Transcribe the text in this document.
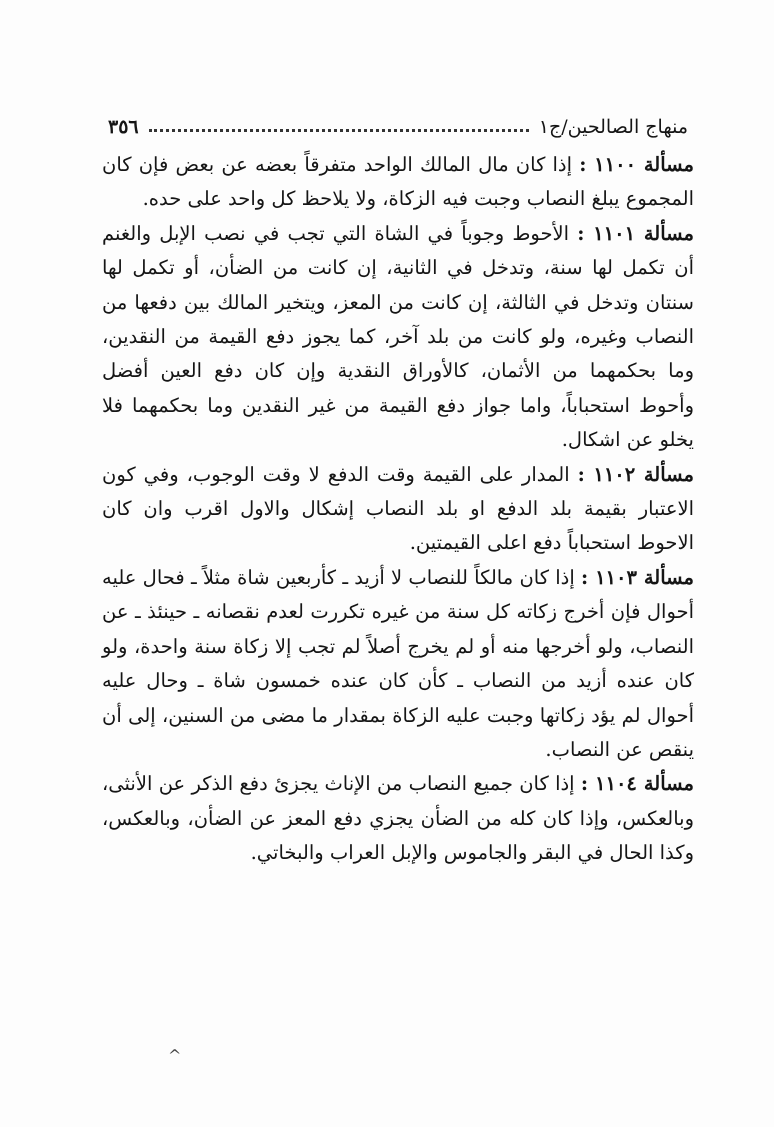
منهاج الصالحين/ج١
٣٥٦

مسألة ١١٠٠ : إذا كان مال المالك الواحد متفرقاً بعضه عن بعض فإن كان المجموع يبلغ النصاب وجبت فيه الزكاة، ولا يلاحظ كل واحد على حده.

مسألة ١١٠١ : الأحوط وجوباً في الشاة التي تجب في نصب الإبل والغنم أن تكمل لها سنة، وتدخل في الثانية، إن كانت من الضأن، أو تكمل لها سنتان وتدخل في الثالثة، إن كانت من المعز، ويتخير المالك بين دفعها من النصاب وغيره، ولو كانت من بلد آخر، كما يجوز دفع القيمة من النقدين، وما بحكمهما من الأثمان، كالأوراق النقدية وإن كان دفع العين أفضل وأحوط استحباباً، واما جواز دفع القيمة من غير النقدين وما بحكمهما فلا يخلو عن اشكال.

مسألة ١١٠٢ : المدار على القيمة وقت الدفع لا وقت الوجوب، وفي كون الاعتبار بقيمة بلد الدفع او بلد النصاب إشكال والاول اقرب وان كان الاحوط استحباباً دفع اعلى القيمتين.

مسألة ١١٠٣ : إذا كان مالكاً للنصاب لا أزيد ـ كأربعين شاة مثلاً ـ فحال عليه أحوال فإن أخرج زكاته كل سنة من غيره تكررت لعدم نقصانه ـ حينئذ ـ عن النصاب، ولو أخرجها منه أو لم يخرج أصلاً لم تجب إلا زكاة سنة واحدة، ولو كان عنده أزيد من النصاب ـ كأن كان عنده خمسون شاة ـ وحال عليه أحوال لم يؤد زكاتها وجبت عليه الزكاة بمقدار ما مضى من السنين، إلى أن ينقص عن النصاب.

مسألة ١١٠٤ : إذا كان جميع النصاب من الإناث يجزئ دفع الذكر عن الأنثى، وبالعكس، وإذا كان كله من الضأن يجزي دفع المعز عن الضأن، وبالعكس، وكذا الحال في البقر والجاموس والإبل العراب والبخاتي.

^
